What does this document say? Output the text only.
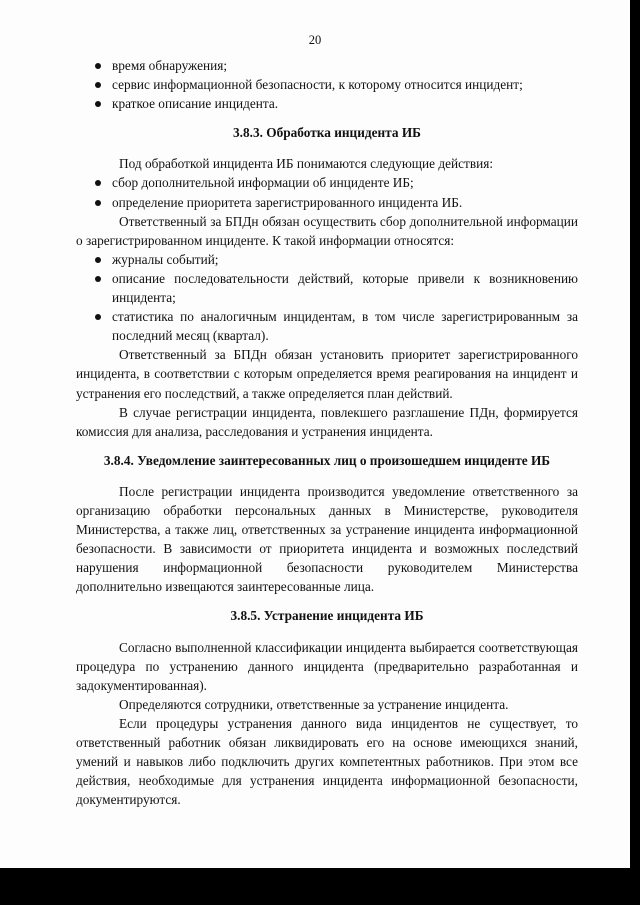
20
время обнаружения;
сервис информационной безопасности, к которому относится инцидент;
краткое описание инцидента.
3.8.3. Обработка инцидента ИБ

Под обработкой инцидента ИБ понимаются следующие действия:

сбор дополнительной информации об инциденте ИБ;
определение приоритета зарегистрированного инцидента ИБ.

Ответственный за БПДн обязан осуществить сбор дополнительной информации о зарегистрированном инциденте. К такой информации относятся:

журналы событий;
описание последовательности действий, которые привели к возникновению инцидента;
статистика по аналогичным инцидентам, в том числе зарегистрированным за последний месяц (квартал).

Ответственный за БПДн обязан установить приоритет зарегистрированного инцидента, в соответствии с которым определяется время реагирования на инцидент и устранения его последствий, а также определяется план действий.

В случае регистрации инцидента, повлекшего разглашение ПДн, формируется комиссия для анализа, расследования и устранения инцидента.

3.8.4. Уведомление заинтересованных лиц о произошедшем инциденте ИБ

После регистрации инцидента производится уведомление ответственного за организацию обработки персональных данных в Министерстве, руководителя Министерства, а также лиц, ответственных за устранение инцидента информационной безопасности. В зависимости от приоритета инцидента и возможных последствий нарушения информационной безопасности руководителем Министерства дополнительно извещаются заинтересованные лица.

3.8.5. Устранение инцидента ИБ

Согласно выполненной классификации инцидента выбирается соответствующая процедура по устранению данного инцидента (предварительно разработанная и задокументированная).

Определяются сотрудники, ответственные за устранение инцидента.

Если процедуры устранения данного вида инцидентов не существует, то ответственный работник обязан ликвидировать его на основе имеющихся знаний, умений и навыков либо подключить других компетентных работников. При этом все действия, необходимые для устранения инцидента информационной безопасности, документируются.
